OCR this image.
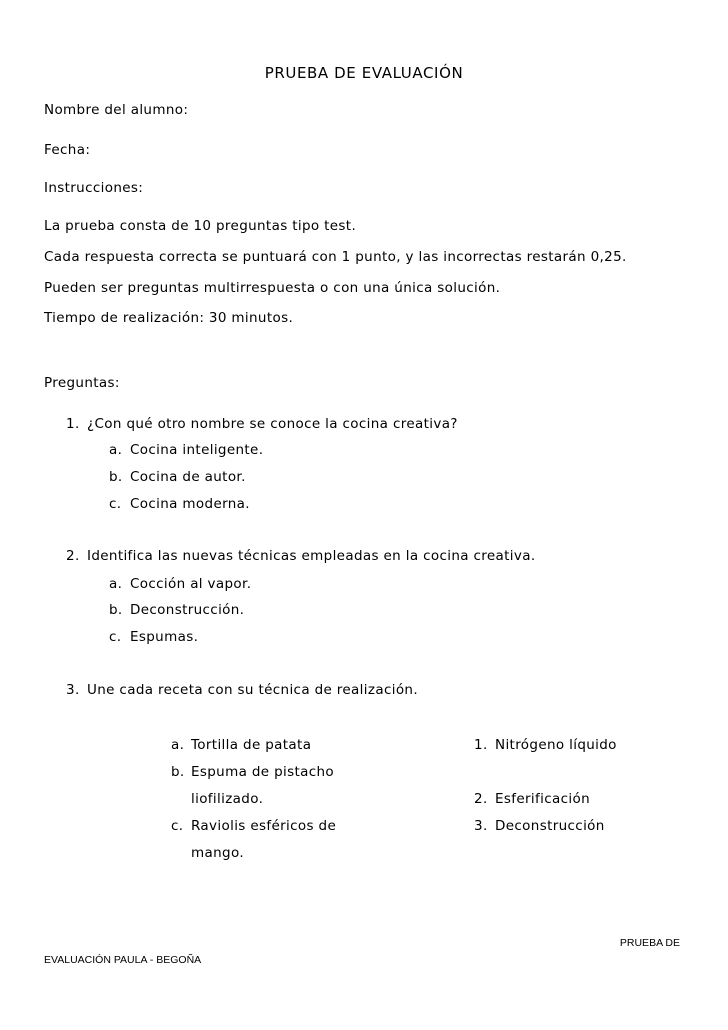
PRUEBA DE EVALUACIÓN
Nombre del alumno:
Fecha:
Instrucciones:
La prueba consta de 10 preguntas tipo test.
Cada respuesta correcta se puntuará con 1 punto, y las incorrectas restarán 0,25.
Pueden ser preguntas multirrespuesta o con una única solución.
Tiempo de realización: 30 minutos.
Preguntas:
1. ¿Con qué otro nombre se conoce la cocina creativa?
a. Cocina inteligente.
b. Cocina de autor.
c. Cocina moderna.
2. Identifica las nuevas técnicas empleadas en la cocina creativa.
a. Cocción al vapor.
b. Deconstrucción.
c. Espumas.
3. Une cada receta con su técnica de realización.
a. Tortilla de patata
b. Espuma de pistacho
liofilizado.
c. Raviolis esféricos de
mango.
1. Nitrógeno líquido
2. Esferificación
3. Deconstrucción
PRUEBA DE
EVALUACIÓN PAULA - BEGOÑA
